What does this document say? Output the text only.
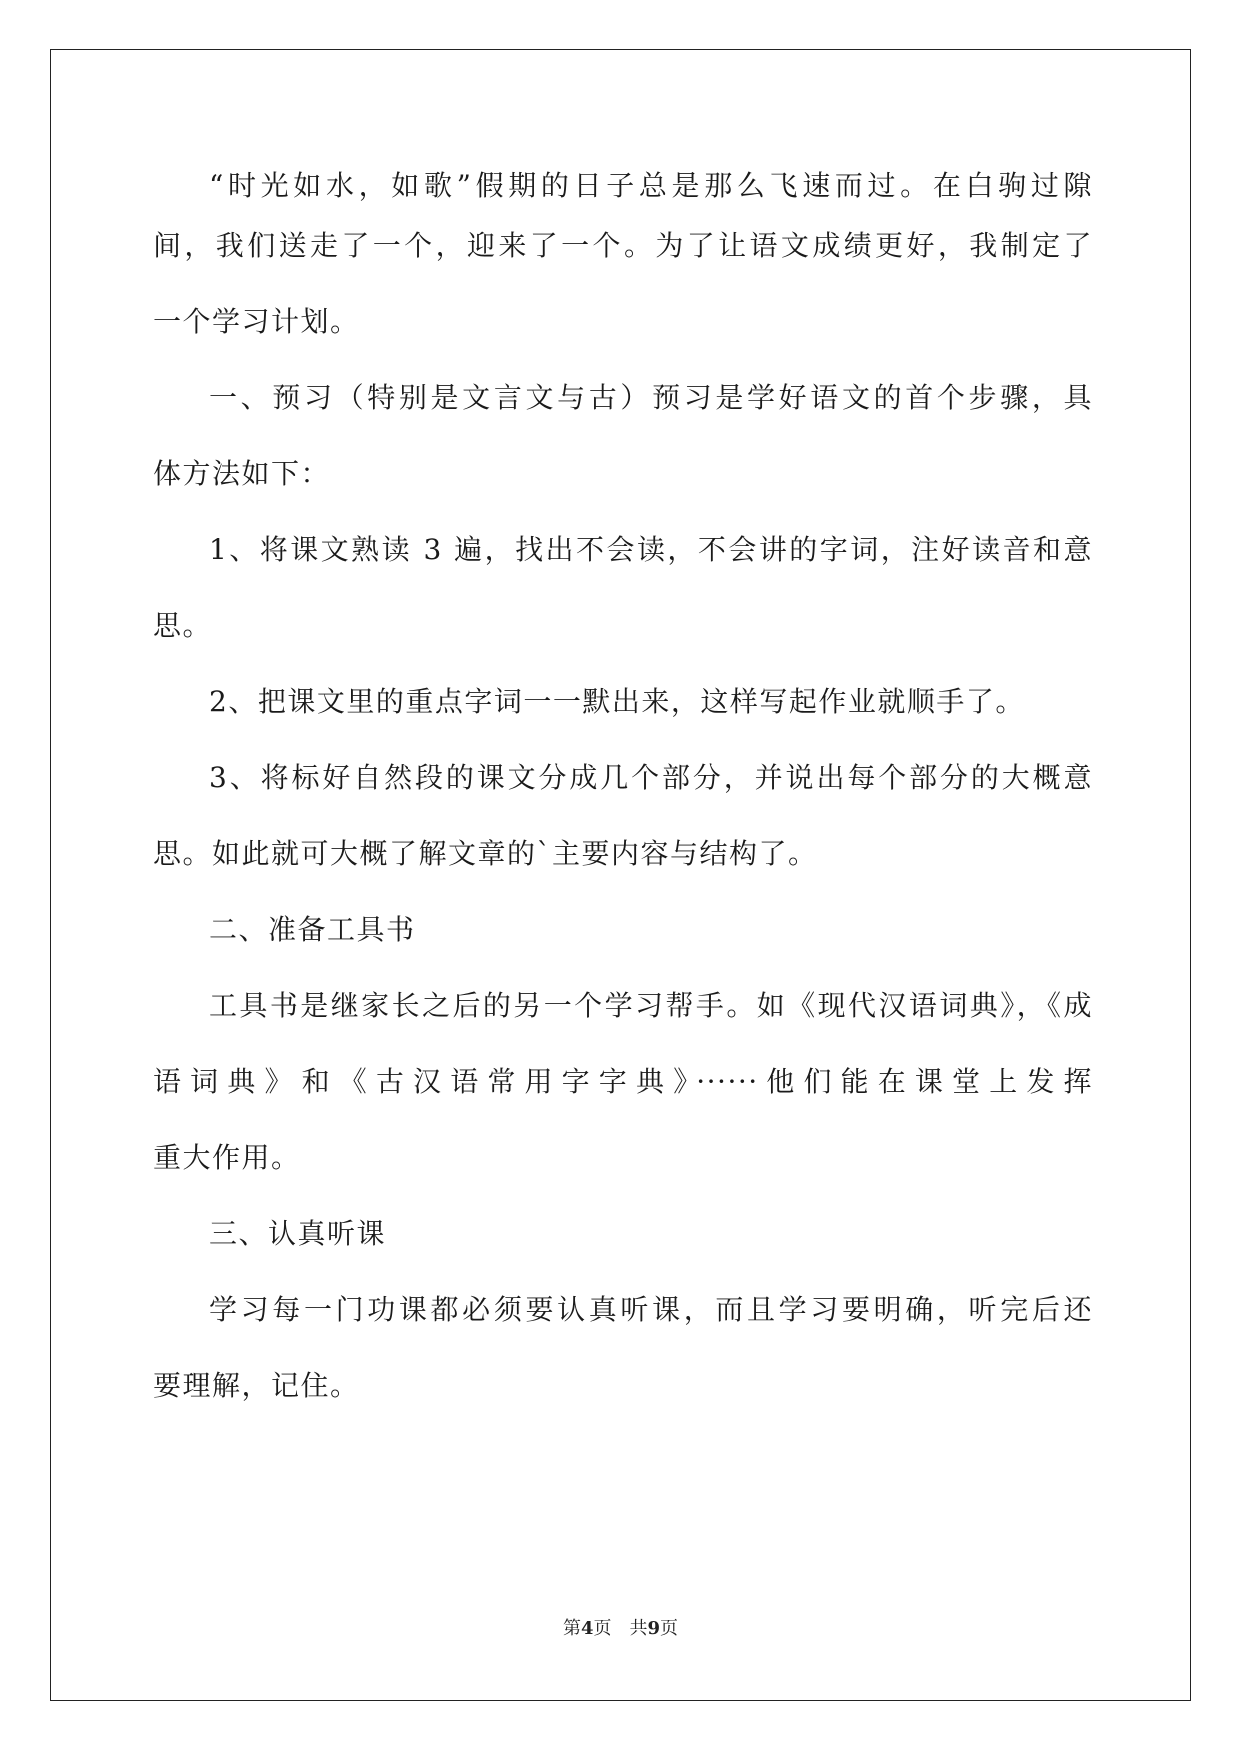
“时光如水，如歌”假期的日子总是那么飞速而过。在白驹过隙
间，我们送走了一个，迎来了一个。为了让语文成绩更好，我制定了
一个学习计划。
一、预习（特别是文言文与古）预习是学好语文的首个步骤，具
体方法如下：
1、将课文熟读 3 遍，找出不会读，不会讲的字词，注好读音和意
思。
2、把课文里的重点字词一一默出来，这样写起作业就顺手了。
3、将标好自然段的课文分成几个部分，并说出每个部分的大概意
思。如此就可大概了解文章的`主要内容与结构了。
二、准备工具书
工具书是继家长之后的另一个学习帮手。如《现代汉语词典》，《成
语词典》和《古汉语常用字字典》······他们能在课堂上发挥
重大作用。
三、认真听课
学习每一门功课都必须要认真听课，而且学习要明确，听完后还
要理解，记住。
第4页　共9页
